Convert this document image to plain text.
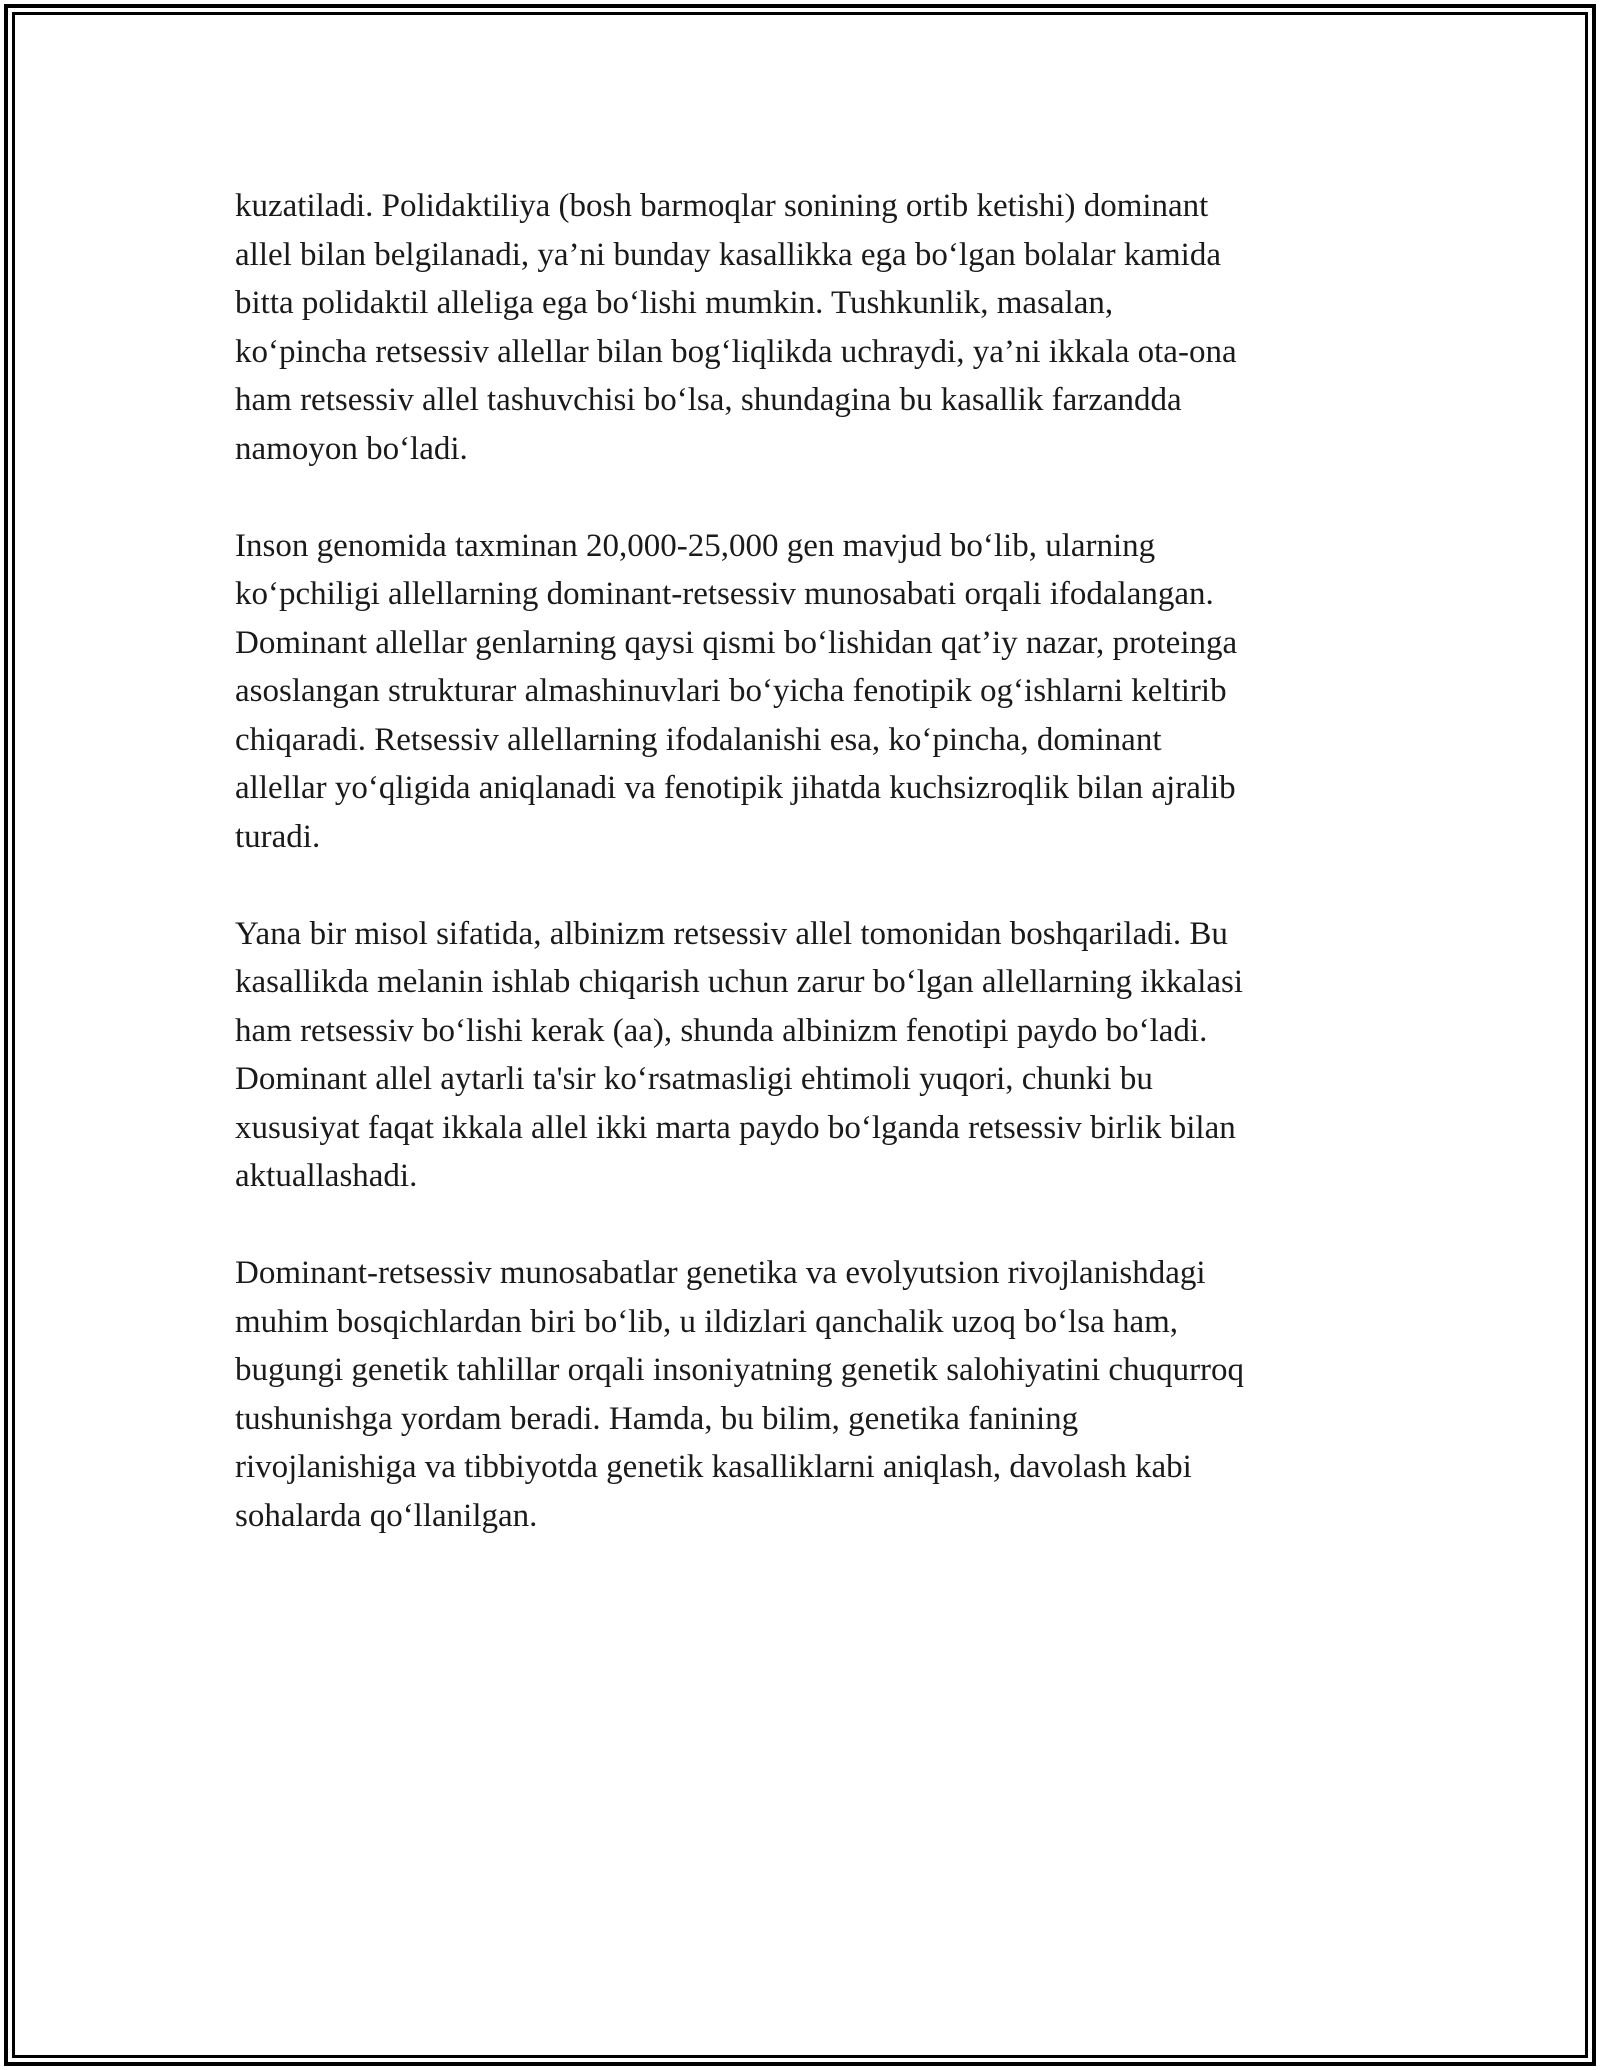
kuzatiladi. Polidaktiliya (bosh barmoqlar sonining ortib ketishi) dominant
allel bilan belgilanadi, ya’ni bunday kasallikka ega bo‘lgan bolalar kamida
bitta polidaktil alleliga ega bo‘lishi mumkin. Tushkunlik, masalan,
ko‘pincha retsessiv allellar bilan bog‘liqlikda uchraydi, ya’ni ikkala ota-ona
ham retsessiv allel tashuvchisi bo‘lsa, shundagina bu kasallik farzandda
namoyon bo‘ladi.

Inson genomida taxminan 20,000-25,000 gen mavjud bo‘lib, ularning
ko‘pchiligi allellarning dominant-retsessiv munosabati orqali ifodalangan.
Dominant allellar genlarning qaysi qismi bo‘lishidan qat’iy nazar, proteinga
asoslangan strukturar almashinuvlari bo‘yicha fenotipik og‘ishlarni keltirib
chiqaradi. Retsessiv allellarning ifodalanishi esa, ko‘pincha, dominant
allellar yo‘qligida aniqlanadi va fenotipik jihatda kuchsizroqlik bilan ajralib
turadi.

Yana bir misol sifatida, albinizm retsessiv allel tomonidan boshqariladi. Bu
kasallikda melanin ishlab chiqarish uchun zarur bo‘lgan allellarning ikkalasi
ham retsessiv bo‘lishi kerak (aa), shunda albinizm fenotipi paydo bo‘ladi.
Dominant allel aytarli ta'sir ko‘rsatmasligi ehtimoli yuqori, chunki bu
xususiyat faqat ikkala allel ikki marta paydo bo‘lganda retsessiv birlik bilan
aktuallashadi.

Dominant-retsessiv munosabatlar genetika va evolyutsion rivojlanishdagi
muhim bosqichlardan biri bo‘lib, u ildizlari qanchalik uzoq bo‘lsa ham,
bugungi genetik tahlillar orqali insoniyatning genetik salohiyatini chuqurroq
tushunishga yordam beradi. Hamda, bu bilim, genetika fanining
rivojlanishiga va tibbiyotda genetik kasalliklarni aniqlash, davolash kabi
sohalarda qo‘llanilgan.
